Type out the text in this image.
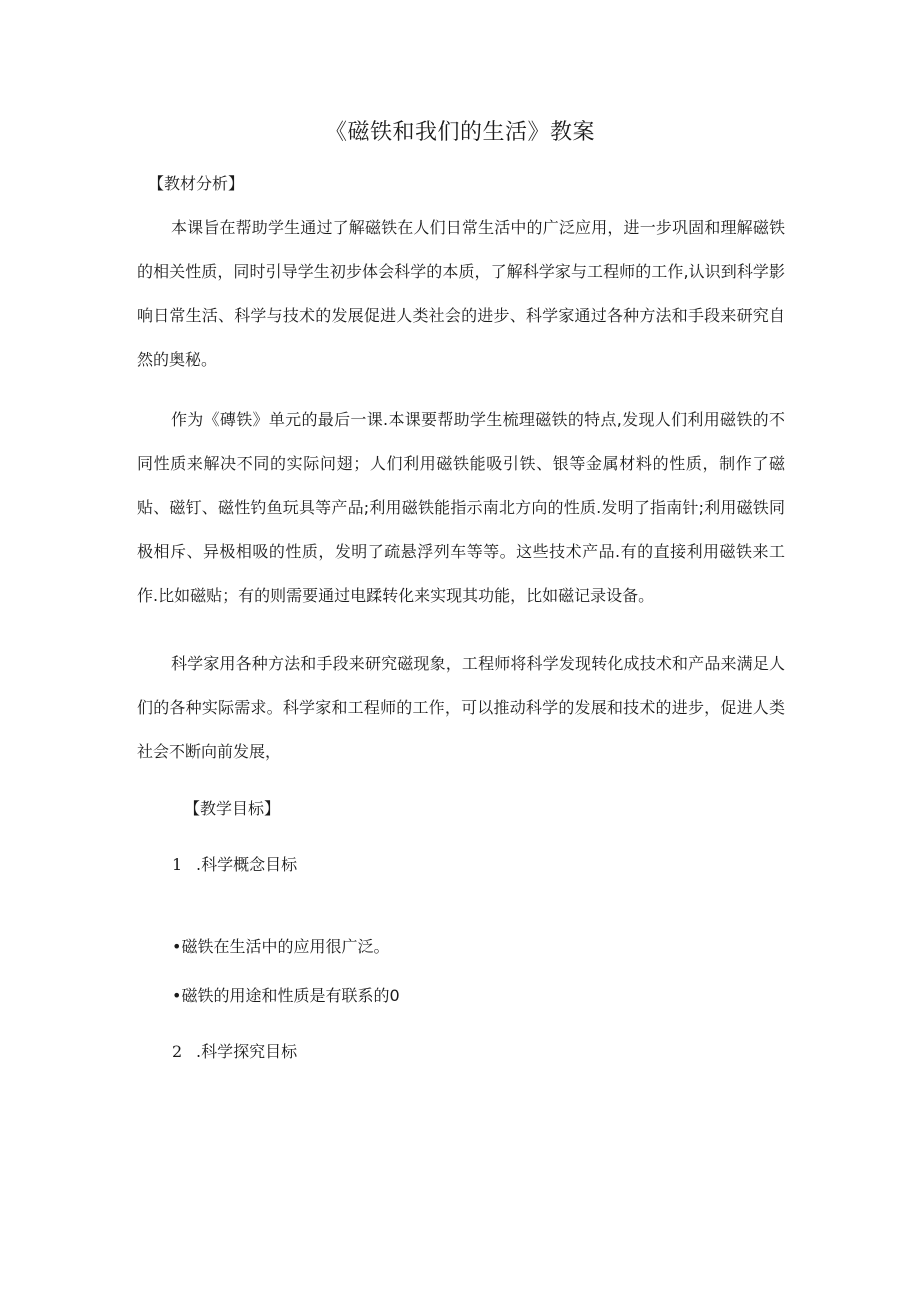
《磁铁和我们的生活》教案
【教材分析】

本课旨在帮助学生通过了解磁铁在人们日常生活中的广泛应用，进一步巩固和理解磁铁的相关性质，同时引导学生初步体会科学的本质，了解科学家与工程师的工作,认识到科学影响日常生活、科学与技术的发展促进人类社会的进步、科学家通过各种方法和手段来研究自然的奥秘。

作为《磚铁》单元的最后一课.本课要帮助学生梳理磁铁的特点,发现人们利用磁铁的不同性质来解决不同的实际问翅；人们利用磁铁能吸引铁、银等金属材料的性质，制作了磁贴、磁钉、磁性钓鱼玩具等产品;利用磁铁能指示南北方向的性质.发明了指南针;利用磁铁同极相斥、异极相吸的性质，发明了疏悬浮列车等等。这些技术产品.有的直接利用磁铁来工作.比如磁贴；有的则需要通过电蹂转化来实现其功能，比如磁记录设备。

科学家用各种方法和手段来研究磁现象，工程师将科学发现转化成技术和产品来满足人们的各种实际需求。科学家和工程师的工作，可以推动科学的发展和技术的进步，促进人类社会不断向前发展，

【教学目标】
1 .科学概念目标
•磁铁在生活中的应用很广泛。
•磁铁的用途和性质是有联系的0
2 .科学探究目标
